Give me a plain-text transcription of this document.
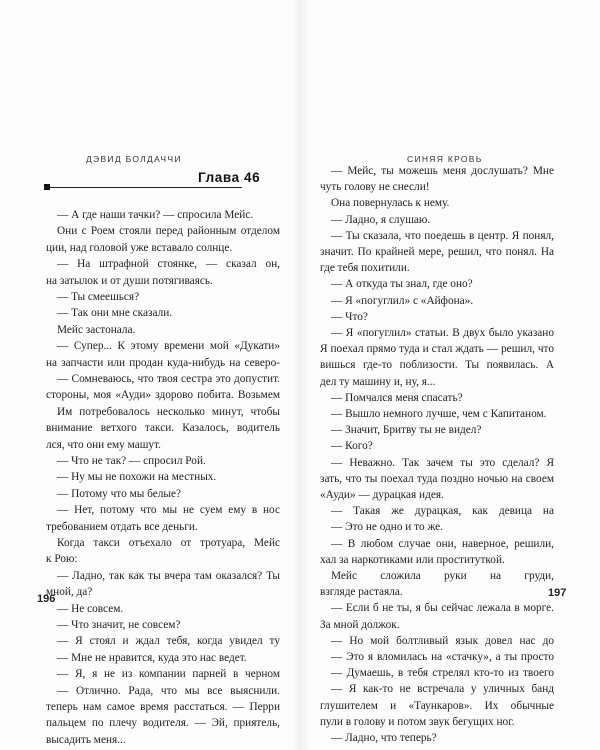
ДЭВИД БОЛДАЧЧИ
Глава 46
— А где наши тачки? — спросила Мейс.
Они с Роем стояли перед районным отделом
ции, над головой уже вставало солнце.
— На штрафной стоянке, — сказал он,
на затылок и от души потягиваясь.
— Ты смеешься?
— Так они мне сказали.
Мейс застонала.
— Супер... К этому времени мой «Дукати»
на запчасти или продан куда-нибудь на северо-
— Сомневаюсь, что твоя сестра это допустит.
стороны, моя «Ауди» здорово побита. Возьмем
Им потребовалось несколько минут, чтобы
внимание ветхого такси. Казалось, водитель
лся, что они ему машут.
— Что не так? — спросил Рой.
— Ну мы не похожи на местных.
— Потому что мы белые?
— Нет, потому что мы не суем ему в нос
требованием отдать все деньги.
Когда такси отъехало от тротуара, Мейс
к Рою:
— Ладно, так как ты вчера там оказался? Ты
мной, да?
— Не совсем.
— Что значит, не совсем?
— Я стоял и ждал тебя, когда увидел ту
— Мне не нравится, куда это нас ведет.
— Я, я не из компании парней в черном
— Отлично. Рада, что мы все выяснили.
теперь нам самое время расстаться. — Перри
пальцем по плечу водителя. — Эй, приятель,
высадить меня...
196
СИНЯЯ КРОВЬ
— Мейс, ты можешь меня дослушать? Мне
чуть голову не снесли!
Она повернулась к нему.
— Ладно, я слушаю.
— Ты сказала, что поедешь в центр. Я понял,
значит. По крайней мере, решил, что понял. На
где тебя похитили.
— А откуда ты знал, где оно?
— Я «погуглил» с «Айфона».
— Что?
— Я «погуглил» статьи. В двух было указано
Я поехал прямо туда и стал ждать — решил, что
вишься где-то поблизости. Ты появилась. А
дел ту машину и, ну, я...
— Помчался меня спасать?
— Вышло немного лучше, чем с Капитаном.
— Значит, Бритву ты не видел?
— Кого?
— Неважно. Так зачем ты это сделал? Я
зать, что ты поехал туда поздно ночью на своем
«Ауди» — дурацкая идея.
— Такая же дурацкая, как девица на
— Это не одно и то же.
— В любом случае они, наверное, решили,
хал за наркотиками или проституткой.
Мейс сложила руки на груди,
взгляде растаяла.
— Если б не ты, я бы сейчас лежала в морге.
За мной должок.
— Но мой болтливый язык довел нас до
— Это я вломилась на «стачку», а ты просто
— Думаешь, в тебя стрелял кто-то из твоего
— Я как-то не встречала у уличных банд
глушителем и «Таункаров». Их обычные
пули в голову и потом звук бегущих ног.
— Ладно, что теперь?
197
